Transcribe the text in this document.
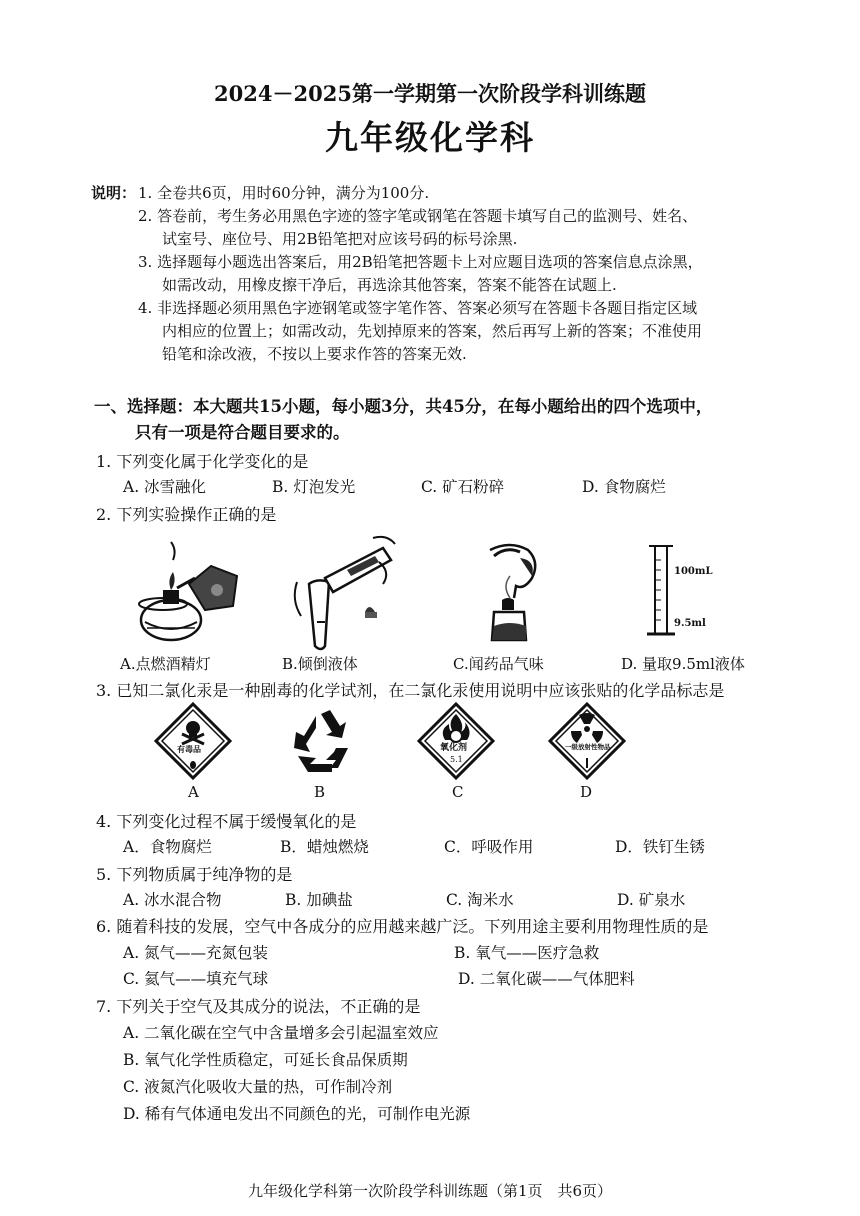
2024－2025第一学期第一次阶段学科训练题
九年级化学科
说明： 1. 全卷共6页，用时60分钟，满分为100分.
2. 答卷前，考生务必用黑色字迹的签字笔或钢笔在答题卡填写自己的监测号、姓名、
试室号、座位号、用2B铅笔把对应该号码的标号涂黑.
3. 选择题每小题选出答案后，用2B铅笔把答题卡上对应题目选项的答案信息点涂黑，
如需改动，用橡皮擦干净后，再选涂其他答案，答案不能答在试题上.
4. 非选择题必须用黑色字迹钢笔或签字笔作答、答案必须写在答题卡各题目指定区域
内相应的位置上；如需改动，先划掉原来的答案，然后再写上新的答案；不准使用
铅笔和涂改液，不按以上要求作答的答案无效.
一、选择题：本大题共15小题，每小题3分，共45分，在每小题给出的四个选项中，
只有一项是符合题目要求的。
1. 下列变化属于化学变化的是
A. 冰雪融化	B. 灯泡发光	C. 矿石粉碎	D. 食物腐烂
2. 下列实验操作正确的是
100mL
9.5ml
A.点燃酒精灯	B.倾倒液体	C.闻药品气味	D. 量取9.5ml液体
3. 已知二氯化汞是一种剧毒的化学试剂，在二氯化汞使用说明中应该张贴的化学品标志是
有毒品	氧化剂
5.1
一级放射性物品
A	B	C	D
4. 下列变化过程不属于缓慢氧化的是
A．食物腐烂	B．蜡烛燃烧	C．呼吸作用	D．铁钉生锈
5. 下列物质属于纯净物的是
A. 冰水混合物	B. 加碘盐	C. 淘米水	D. 矿泉水
6. 随着科技的发展，空气中各成分的应用越来越广泛。下列用途主要利用物理性质的是
A. 氮气——充氮包装	B. 氧气——医疗急救
C. 氦气——填充气球	D. 二氧化碳——气体肥料
7. 下列关于空气及其成分的说法，不正确的是
A. 二氧化碳在空气中含量增多会引起温室效应
B. 氧气化学性质稳定，可延长食品保质期
C. 液氮汽化吸收大量的热，可作制冷剂
D. 稀有气体通电发出不同颜色的光，可制作电光源
九年级化学科第一次阶段学科训练题（第1页　共6页）
